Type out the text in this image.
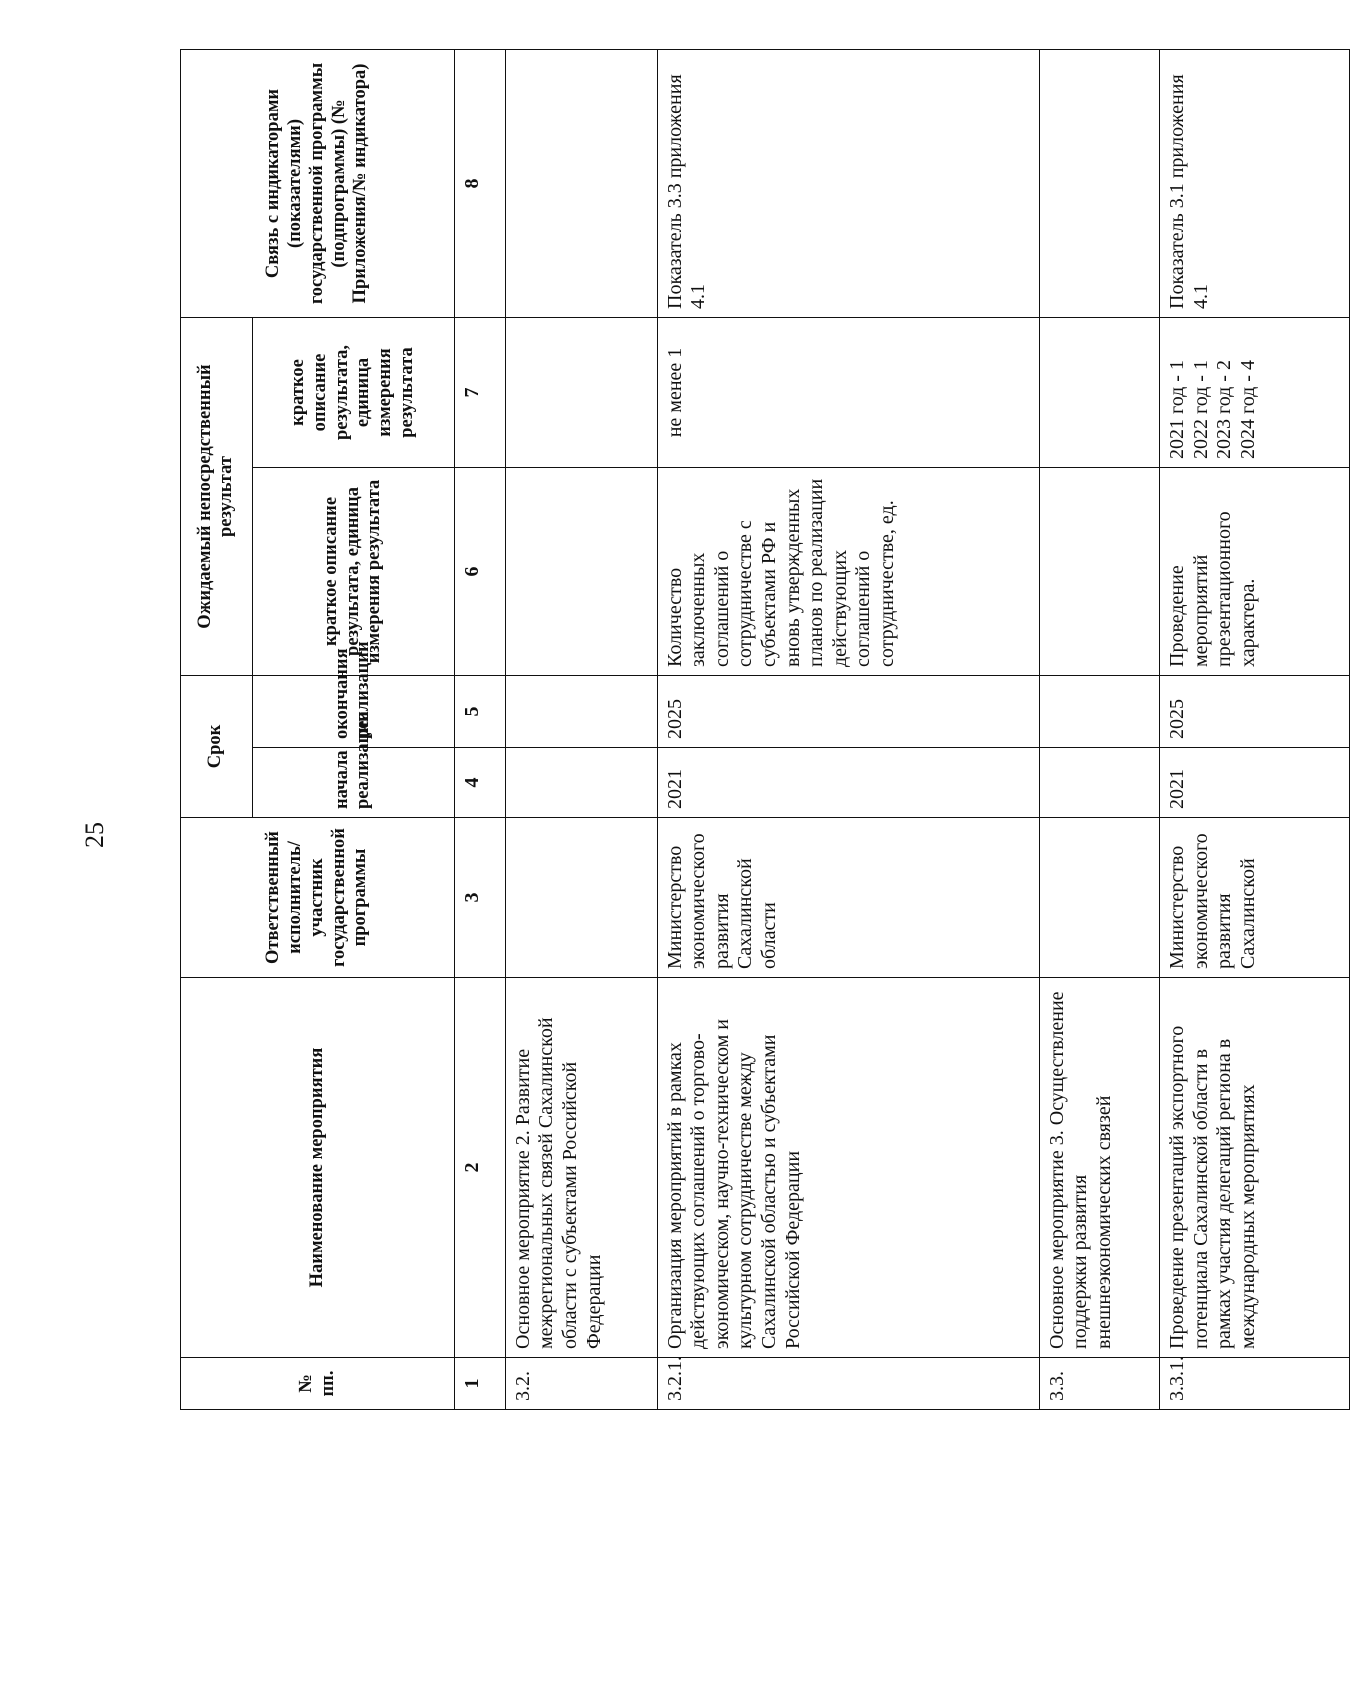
25
№ пп.	Наименование мероприятия	Ответственный исполнитель/участник государственной программы	Срок		Ожидаемый непосредственный результат		Связь с индикаторами (показателями) государственной программы (подпрограммы) (№ Приложения/№ индикатора)
			начала реализации	окончания реализации	краткое описание результата, единица измерения результата	краткое описание результата, единица измерения результата	
1	2	3	4	5	6	7	8
3.2.	Основное мероприятие 2. Развитие межрегиональных связей Сахалинской области с субъектами Российской Федерации						
3.2.1.	Организация мероприятий в рамках действующих соглашений о торгово-экономическом, научно-техническом и культурном сотрудничестве между Сахалинской областью и субъектами Российской Федерации	Министерство экономического развития Сахалинской области	2021	2025	Количество заключенных соглашений о сотрудничестве с субъектами РФ и вновь утвержденных планов по реализации действующих соглашений о сотрудничестве, ед.	не менее 1	Показатель 3.3 приложения 4.1
3.3.	Основное мероприятие 3. Осуществление поддержки развития внешнеэкономических связей						
3.3.1.	Проведение презентаций экспортного потенциала Сахалинской области в рамках участия делегаций региона в международных мероприятиях	Министерство экономического развития Сахалинской	2021	2025	Проведение мероприятий презентационного характера.	2021 год - 1
2022 год - 1
2023 год - 2
2024 год - 4	Показатель 3.1 приложения 4.1
